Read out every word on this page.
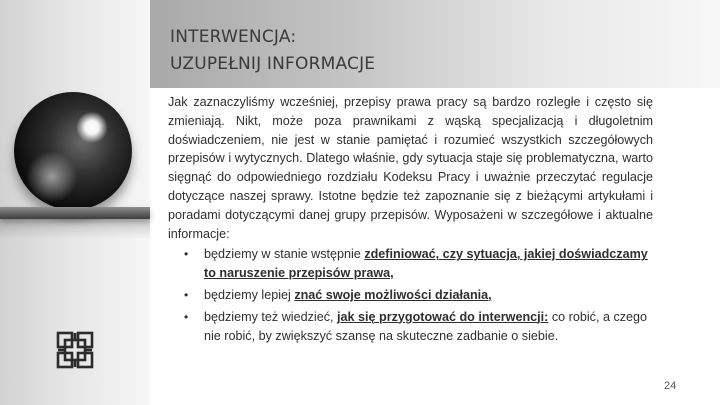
INTERWENCJA:
UZUPEŁNIJ INFORMACJE

Jak zaznaczyliśmy wcześniej, przepisy prawa pracy są bardzo rozległe i często się zmieniają. Nikt, może poza prawnikami z wąską specjalizacją i długoletnim doświadczeniem, nie jest w stanie pamiętać i rozumieć wszystkich szczegółowych przepisów i wytycznych. Dlatego właśnie, gdy sytuacja staje się problematyczna, warto sięgnąć do odpowiedniego rozdziału Kodeksu Pracy i uważnie przeczytać regulacje dotyczące naszej sprawy. Istotne będzie też zapoznanie się z bieżącymi artykułami i poradami dotyczącymi danej grupy przepisów. Wyposażeni w szczegółowe i aktualne informacje:

• będziemy w stanie wstępnie zdefiniować, czy sytuacja, jakiej doświadczamy to naruszenie przepisów prawa,
• będziemy lepiej znać swoje możliwości działania,
• będziemy też wiedzieć, jak się przygotować do interwencji: co robić, a czego nie robić, by zwiększyć szansę na skuteczne zadbanie o siebie.
24
